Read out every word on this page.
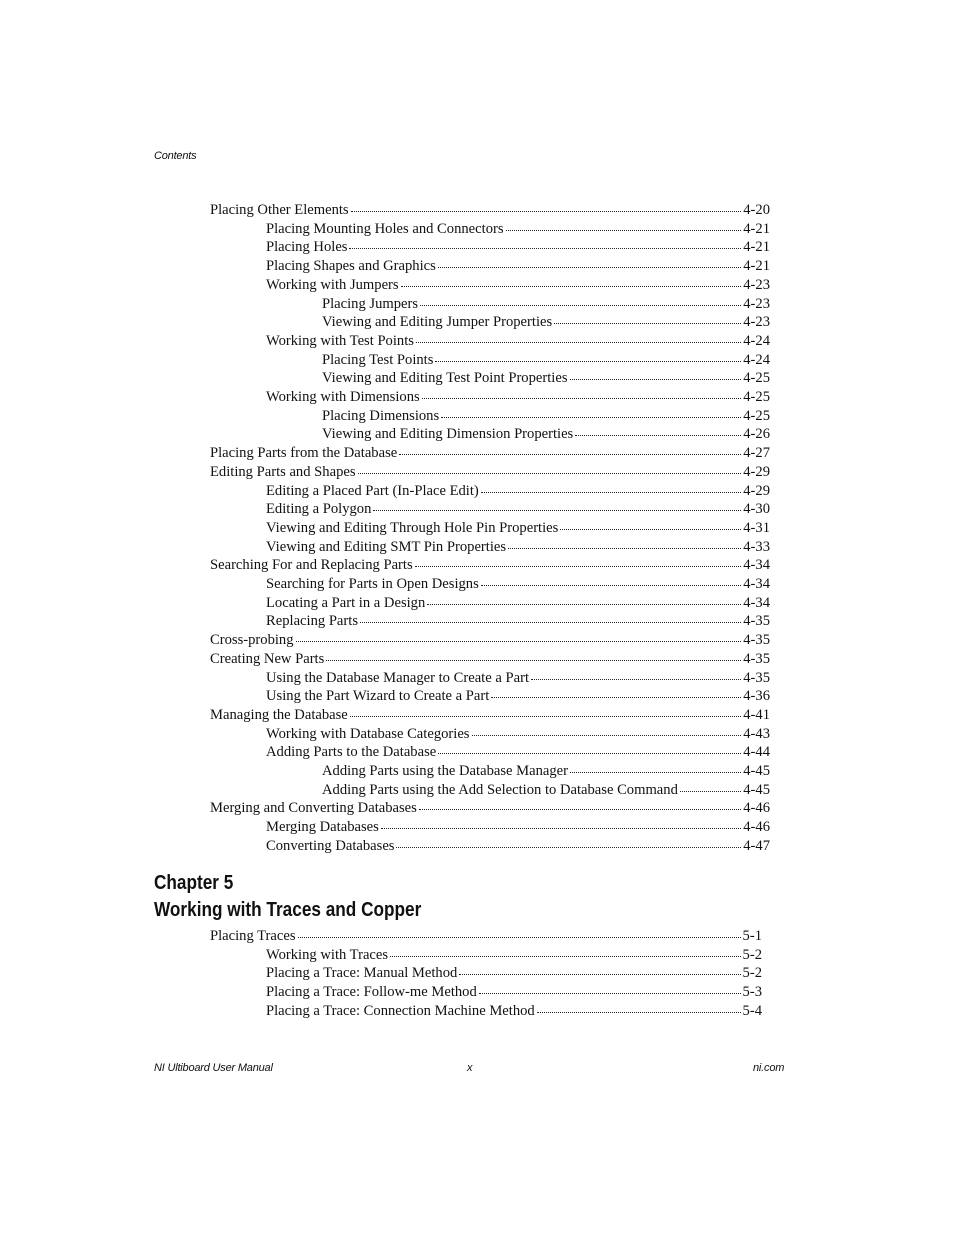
Contents
Placing Other Elements	4-20
Placing Mounting Holes and Connectors	4-21
Placing Holes	4-21
Placing Shapes and Graphics	4-21
Working with Jumpers	4-23
Placing Jumpers	4-23
Viewing and Editing Jumper Properties	4-23
Working with Test Points	4-24
Placing Test Points	4-24
Viewing and Editing Test Point Properties	4-25
Working with Dimensions	4-25
Placing Dimensions	4-25
Viewing and Editing Dimension Properties	4-26
Placing Parts from the Database	4-27
Editing Parts and Shapes	4-29
Editing a Placed Part (In-Place Edit)	4-29
Editing a Polygon	4-30
Viewing and Editing Through Hole Pin Properties	4-31
Viewing and Editing SMT Pin Properties	4-33
Searching For and Replacing Parts	4-34
Searching for Parts in Open Designs	4-34
Locating a Part in a Design	4-34
Replacing Parts	4-35
Cross-probing	4-35
Creating New Parts	4-35
Using the Database Manager to Create a Part	4-35
Using the Part Wizard to Create a Part	4-36
Managing the Database	4-41
Working with Database Categories	4-43
Adding Parts to the Database	4-44
Adding Parts using the Database Manager	4-45
Adding Parts using the Add Selection to Database Command	4-45
Merging and Converting Databases	4-46
Merging Databases	4-46
Converting Databases	4-47
Chapter 5
Working with Traces and Copper
Placing Traces	5-1
Working with Traces	5-2
Placing a Trace: Manual Method	5-2
Placing a Trace: Follow-me Method	5-3
Placing a Trace: Connection Machine Method	5-4
NI Ultiboard User Manual	x	ni.com
